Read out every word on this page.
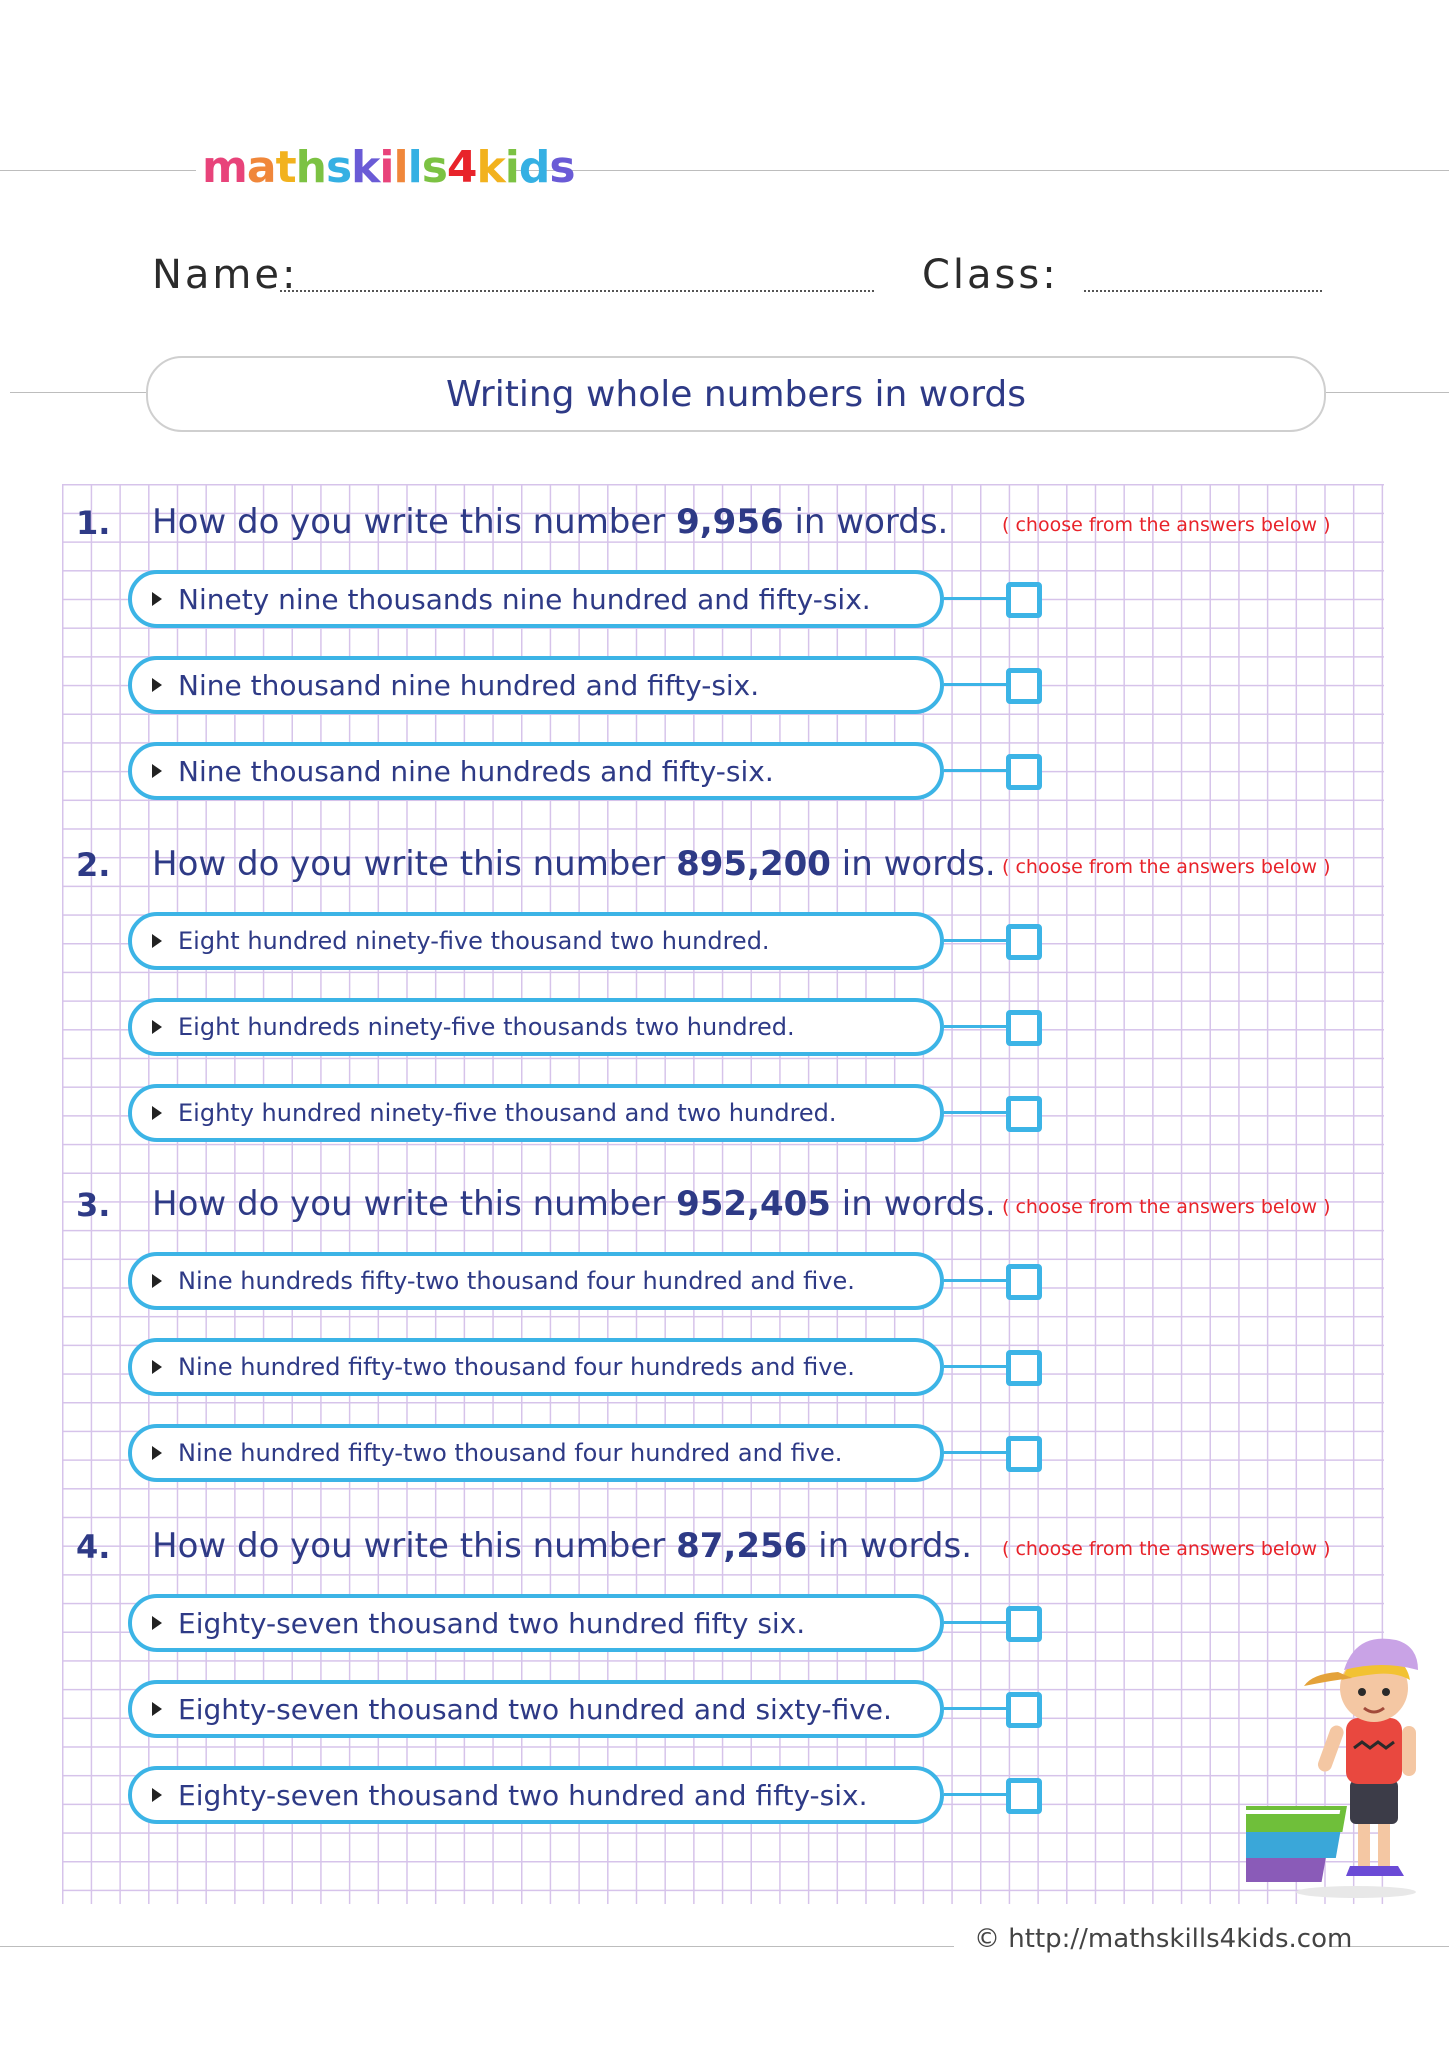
mathskills4kids
Name:	Class:
Writing whole numbers in words
1. How do you write this number 9,956 in words.	( choose from the answers below )
Ninety nine thousands nine hundred and fifty-six.
Nine thousand nine hundred and fifty-six.
Nine thousand nine hundreds and fifty-six.
2. How do you write this number 895,200 in words. ( choose from the answers below )
Eight hundred ninety-five thousand two hundred.
Eight hundreds ninety-five thousands two hundred.
Eighty hundred ninety-five thousand and two hundred.
3. How do you write this number 952,405 in words. ( choose from the answers below )
Nine hundreds fifty-two thousand four hundred and five.
Nine hundred fifty-two thousand four hundreds and five.
Nine hundred fifty-two thousand four hundred and five.
4. How do you write this number 87,256 in words. ( choose from the answers below )
Eighty-seven thousand two hundred fifty six.
Eighty-seven thousand two hundred and sixty-five.
Eighty-seven thousand two hundred and fifty-six.
© http://mathskills4kids.com
